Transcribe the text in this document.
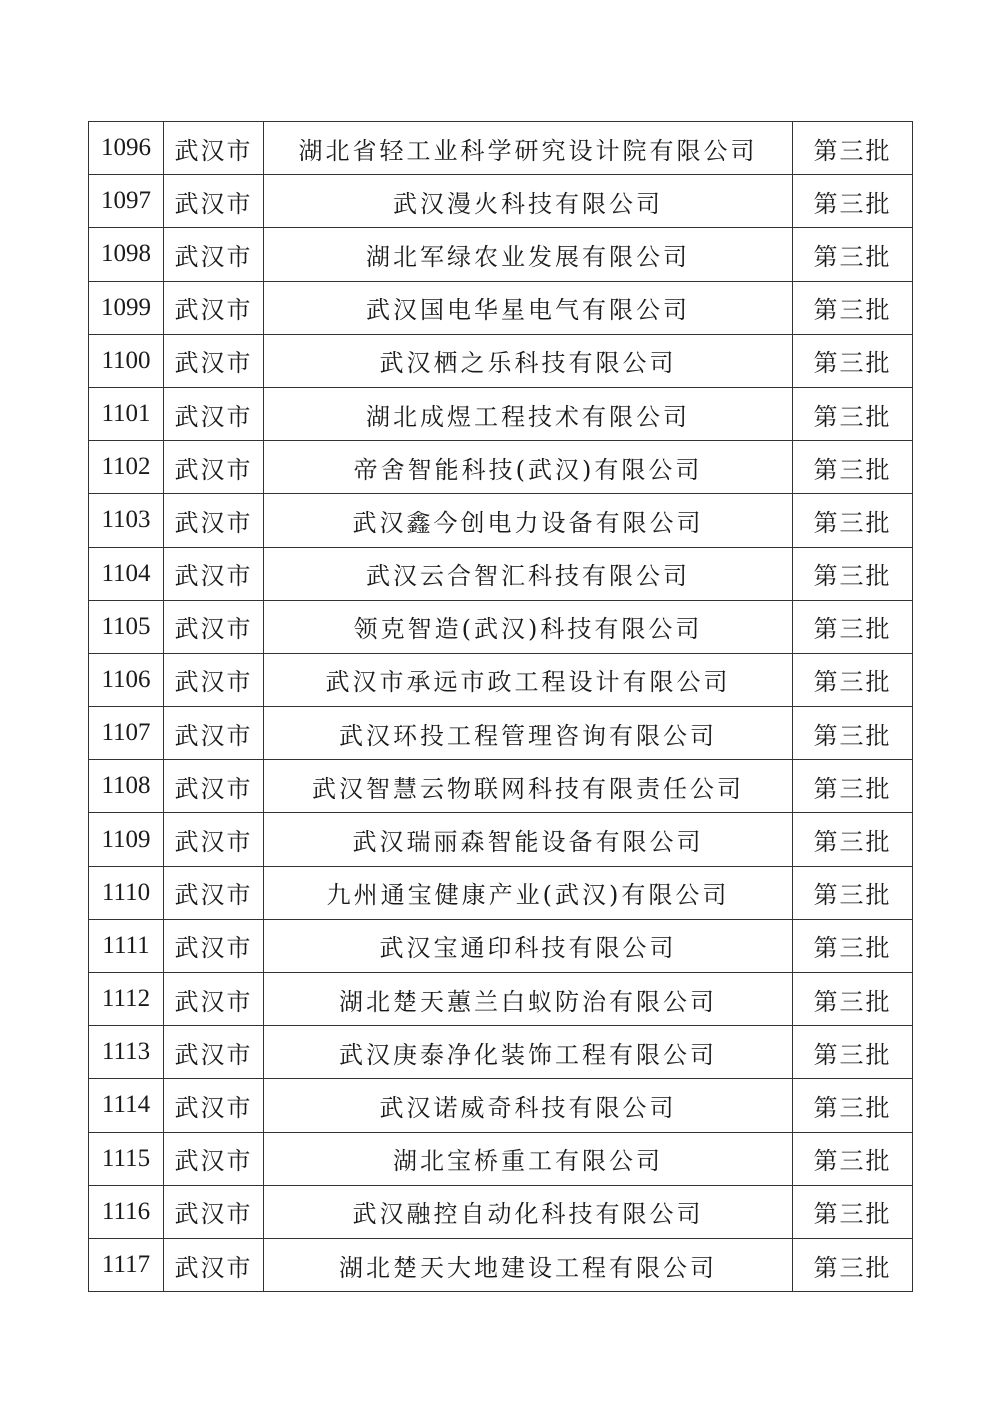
1096	武汉市	湖北省轻工业科学研究设计院有限公司	第三批
1097	武汉市	武汉漫火科技有限公司	第三批
1098	武汉市	湖北军绿农业发展有限公司	第三批
1099	武汉市	武汉国电华星电气有限公司	第三批
1100	武汉市	武汉栖之乐科技有限公司	第三批
1101	武汉市	湖北成煜工程技术有限公司	第三批
1102	武汉市	帝舍智能科技(武汉)有限公司	第三批
1103	武汉市	武汉鑫今创电力设备有限公司	第三批
1104	武汉市	武汉云合智汇科技有限公司	第三批
1105	武汉市	领克智造(武汉)科技有限公司	第三批
1106	武汉市	武汉市承远市政工程设计有限公司	第三批
1107	武汉市	武汉环投工程管理咨询有限公司	第三批
1108	武汉市	武汉智慧云物联网科技有限责任公司	第三批
1109	武汉市	武汉瑞丽森智能设备有限公司	第三批
1110	武汉市	九州通宝健康产业(武汉)有限公司	第三批
1111	武汉市	武汉宝通印科技有限公司	第三批
1112	武汉市	湖北楚天蕙兰白蚁防治有限公司	第三批
1113	武汉市	武汉庚泰净化装饰工程有限公司	第三批
1114	武汉市	武汉诺威奇科技有限公司	第三批
1115	武汉市	湖北宝桥重工有限公司	第三批
1116	武汉市	武汉融控自动化科技有限公司	第三批
1117	武汉市	湖北楚天大地建设工程有限公司	第三批
